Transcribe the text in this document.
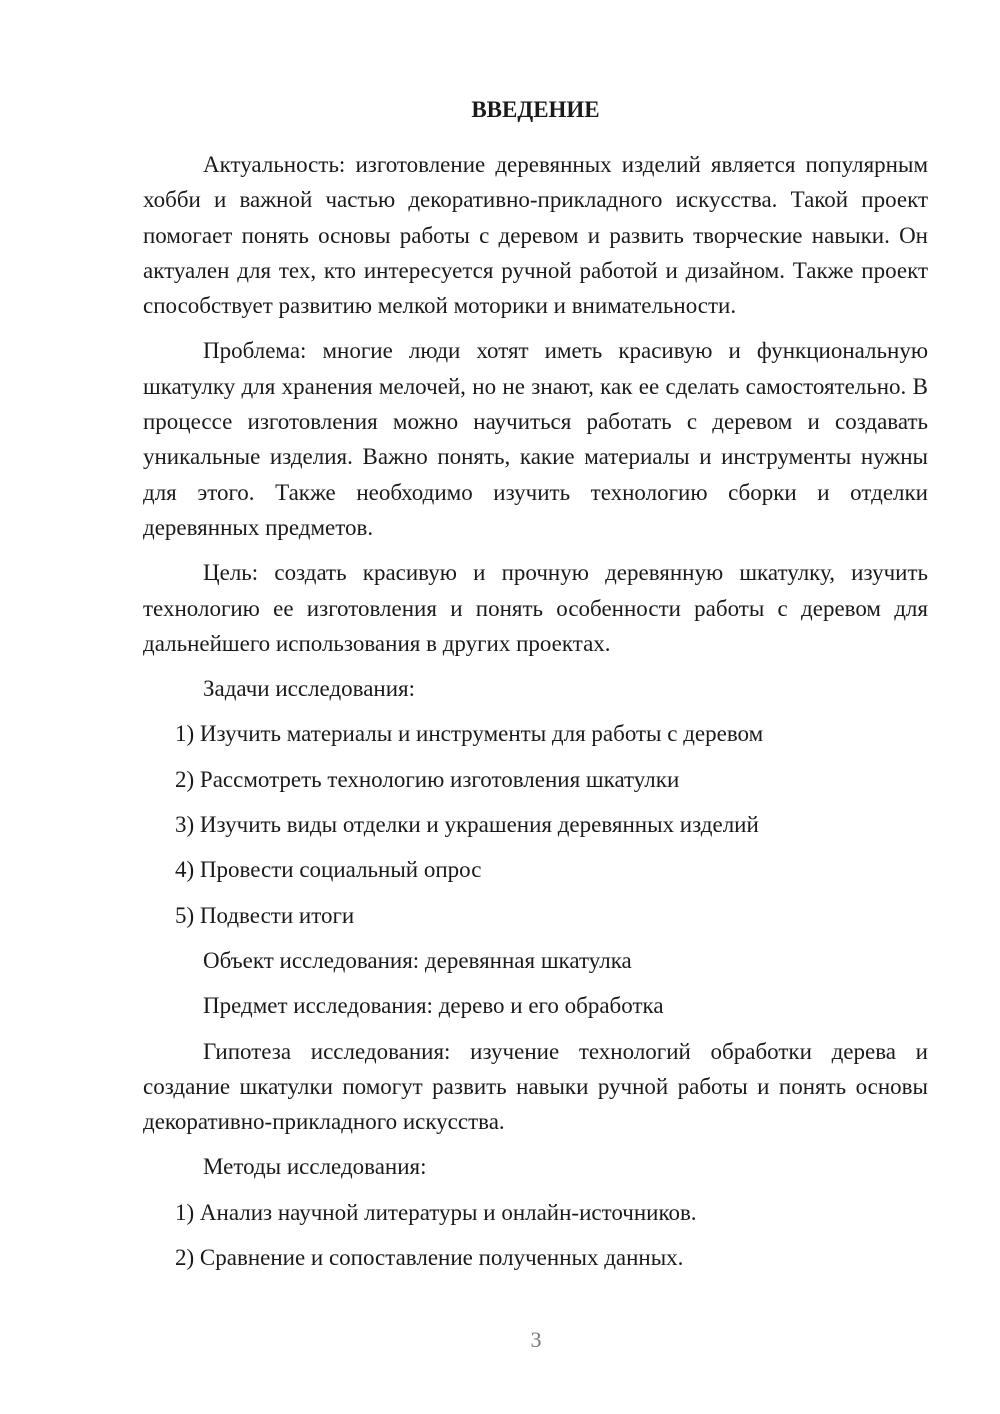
ВВЕДЕНИЕ
Актуальность: изготовление деревянных изделий является популярным хобби и важной частью декоративно-прикладного искусства. Такой проект помогает понять основы работы с деревом и развить творческие навыки. Он актуален для тех, кто интересуется ручной работой и дизайном. Также проект способствует развитию мелкой моторики и внимательности.
Проблема: многие люди хотят иметь красивую и функциональную шкатулку для хранения мелочей, но не знают, как ее сделать самостоятельно. В процессе изготовления можно научиться работать с деревом и создавать уникальные изделия. Важно понять, какие материалы и инструменты нужны для этого. Также необходимо изучить технологию сборки и отделки деревянных предметов.
Цель: создать красивую и прочную деревянную шкатулку, изучить технологию ее изготовления и понять особенности работы с деревом для дальнейшего использования в других проектах.
Задачи исследования:
1) Изучить материалы и инструменты для работы с деревом
2) Рассмотреть технологию изготовления шкатулки
3) Изучить виды отделки и украшения деревянных изделий
4) Провести социальный опрос
5) Подвести итоги
Объект исследования: деревянная шкатулка
Предмет исследования: дерево и его обработка
Гипотеза исследования: изучение технологий обработки дерева и создание шкатулки помогут развить навыки ручной работы и понять основы декоративно-прикладного искусства.
Методы исследования:
1) Анализ научной литературы и онлайн-источников.
2) Сравнение и сопоставление полученных данных.
3
